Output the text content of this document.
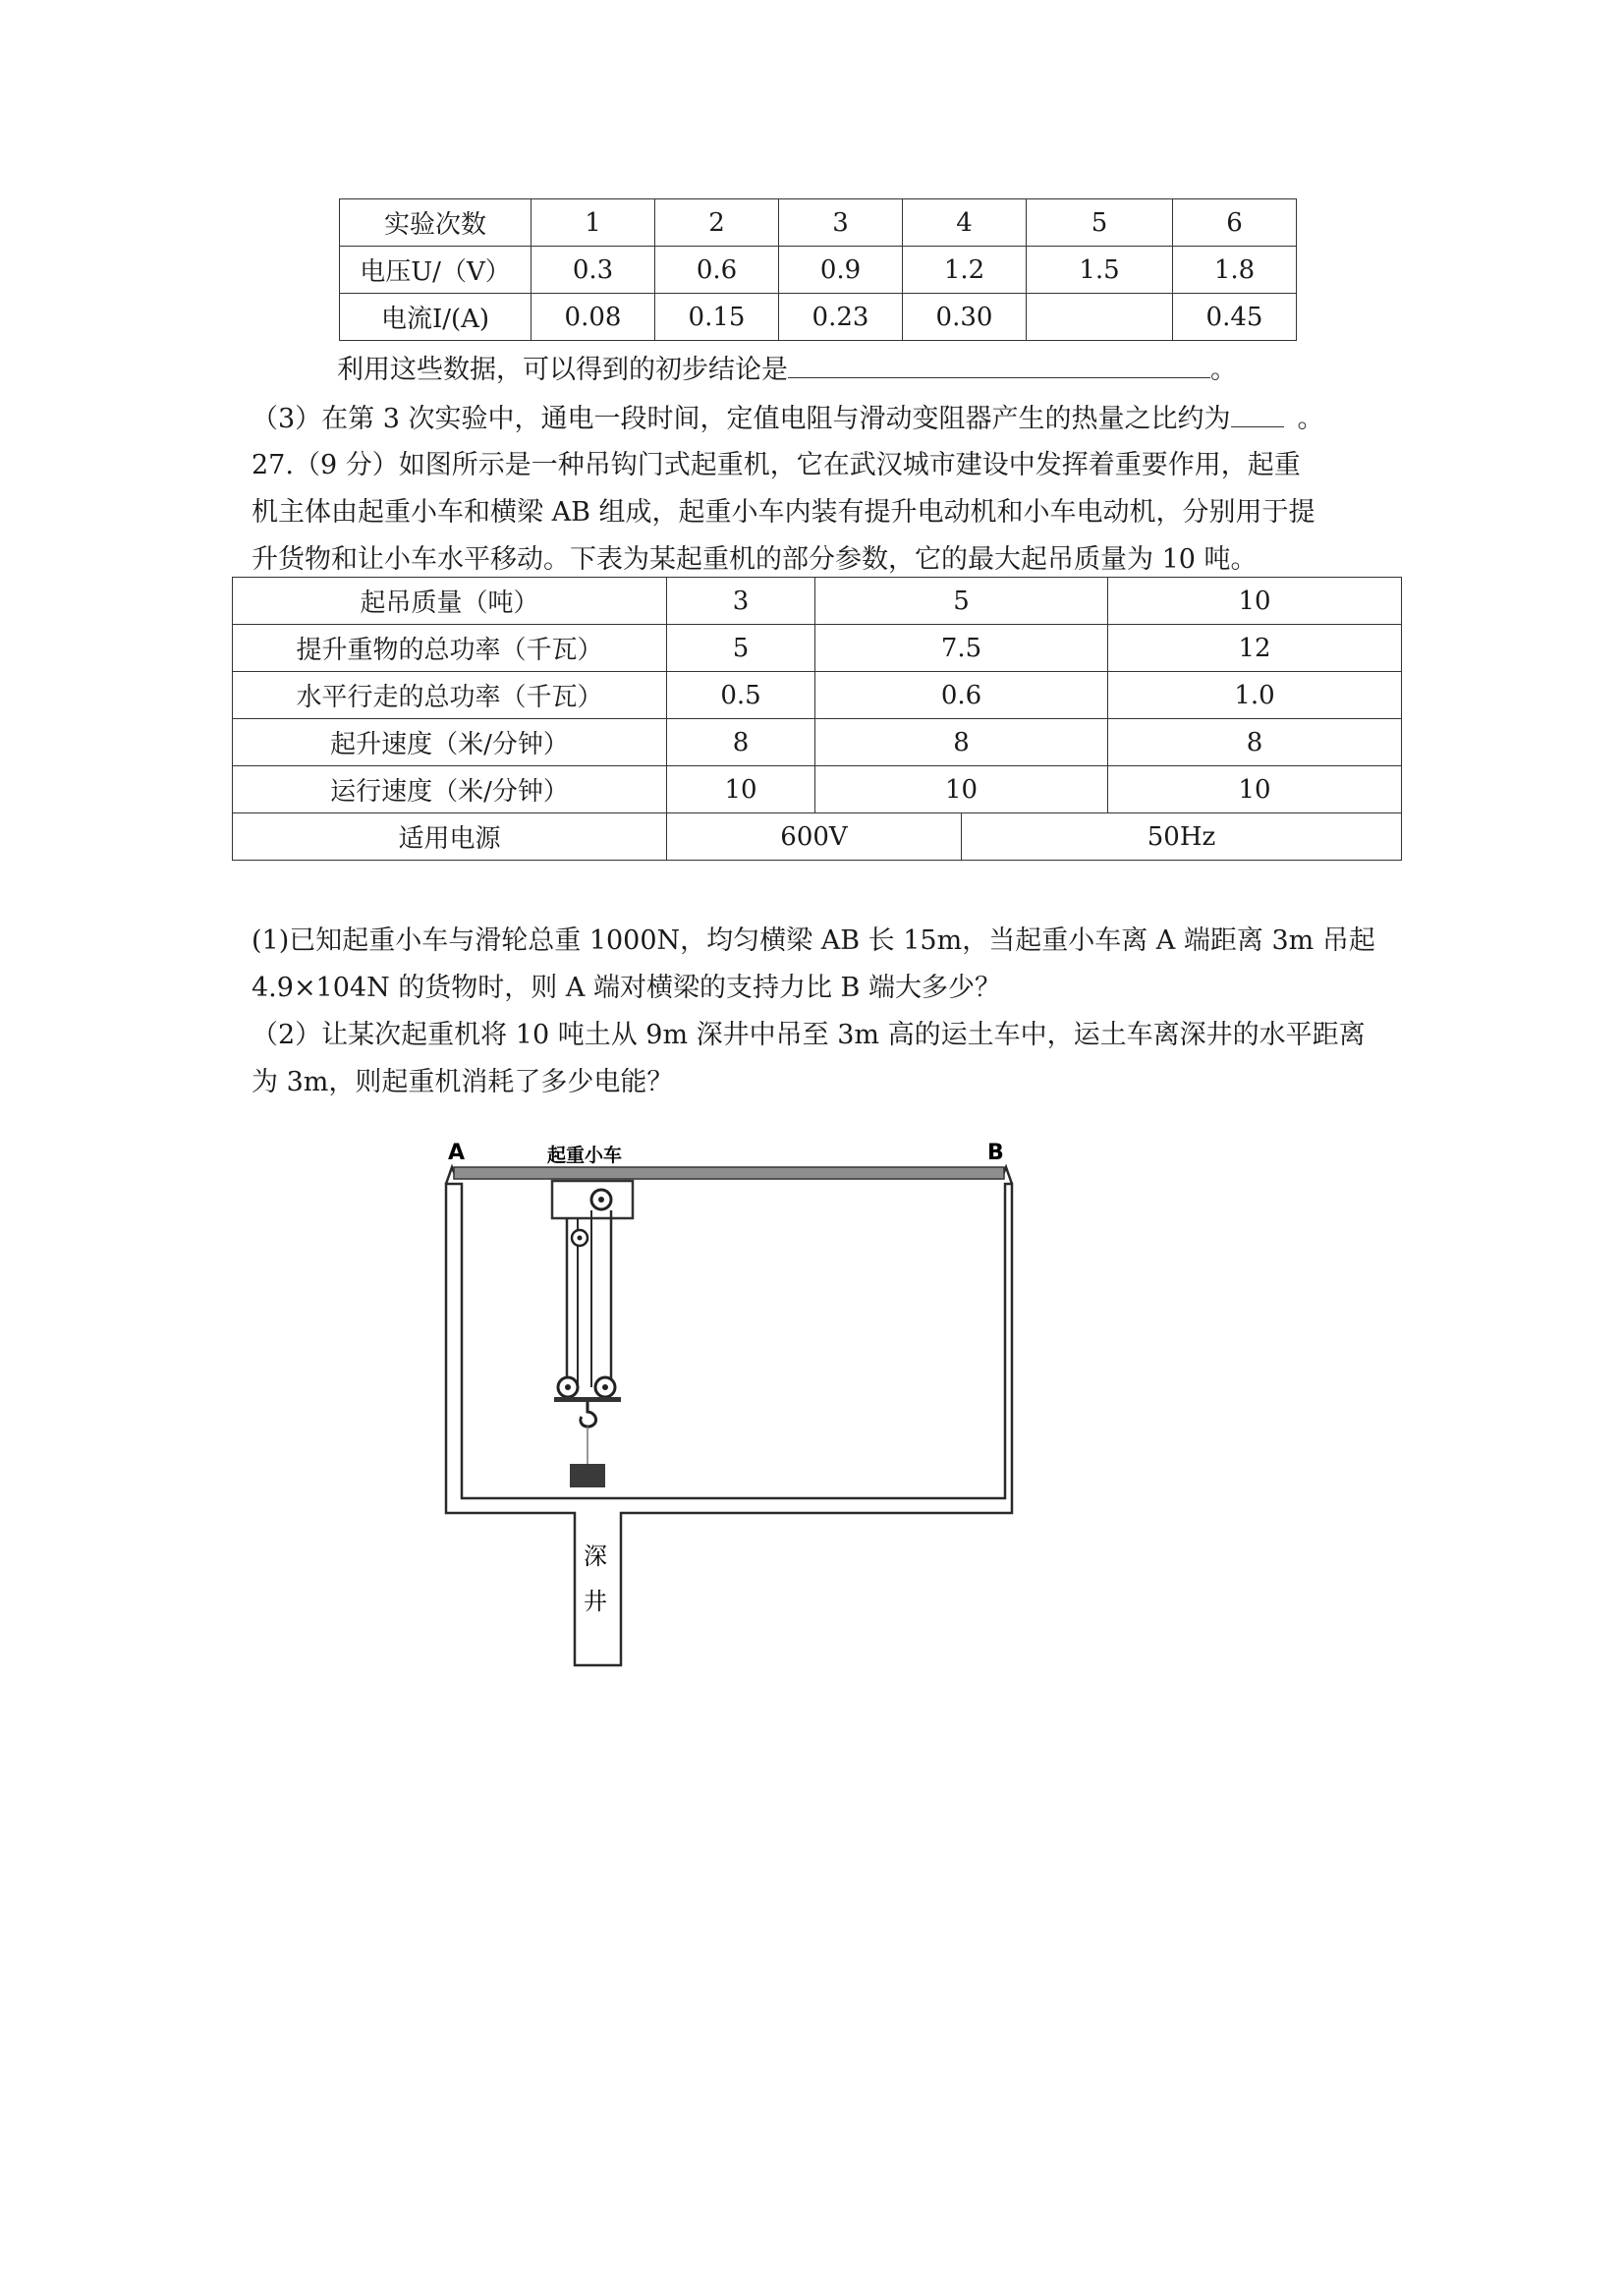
实验次数	1	2	3	4	5	6
电压U/（V）	0.3	0.6	0.9	1.2	1.5	1.8
电流I/(A)	0.08	0.15	0.23	0.30		0.45
利用这些数据，可以得到的初步结论是	。
（3）在第 3 次实验中，通电一段时间，定值电阻与滑动变阻器产生的热量之比约为	。
27.（9 分）如图所示是一种吊钩门式起重机，它在武汉城市建设中发挥着重要作用，起重
机主体由起重小车和横梁 AB 组成，起重小车内装有提升电动机和小车电动机，分别用于提
升货物和让小车水平移动。下表为某起重机的部分参数，它的最大起吊质量为 10 吨。
起吊质量（吨）	3	5		10
提升重物的总功率（千瓦）	5	7.5		12
水平行走的总功率（千瓦）	0.5	0.6		1.0
起升速度（米/分钟）	8	8		8
运行速度（米/分钟）	10	10		10
适用电源	600V		50Hz	
(1)已知起重小车与滑轮总重 1000N，均匀横梁 AB 长 15m，当起重小车离 A 端距离 3m 吊起
4.9×104N 的货物时，则 A 端对横梁的支持力比 B 端大多少？
（2）让某次起重机将 10 吨土从 9m 深井中吊至 3m 高的运土车中，运土车离深井的水平距离
为 3m，则起重机消耗了多少电能？
A	B
起重小车
深
井
